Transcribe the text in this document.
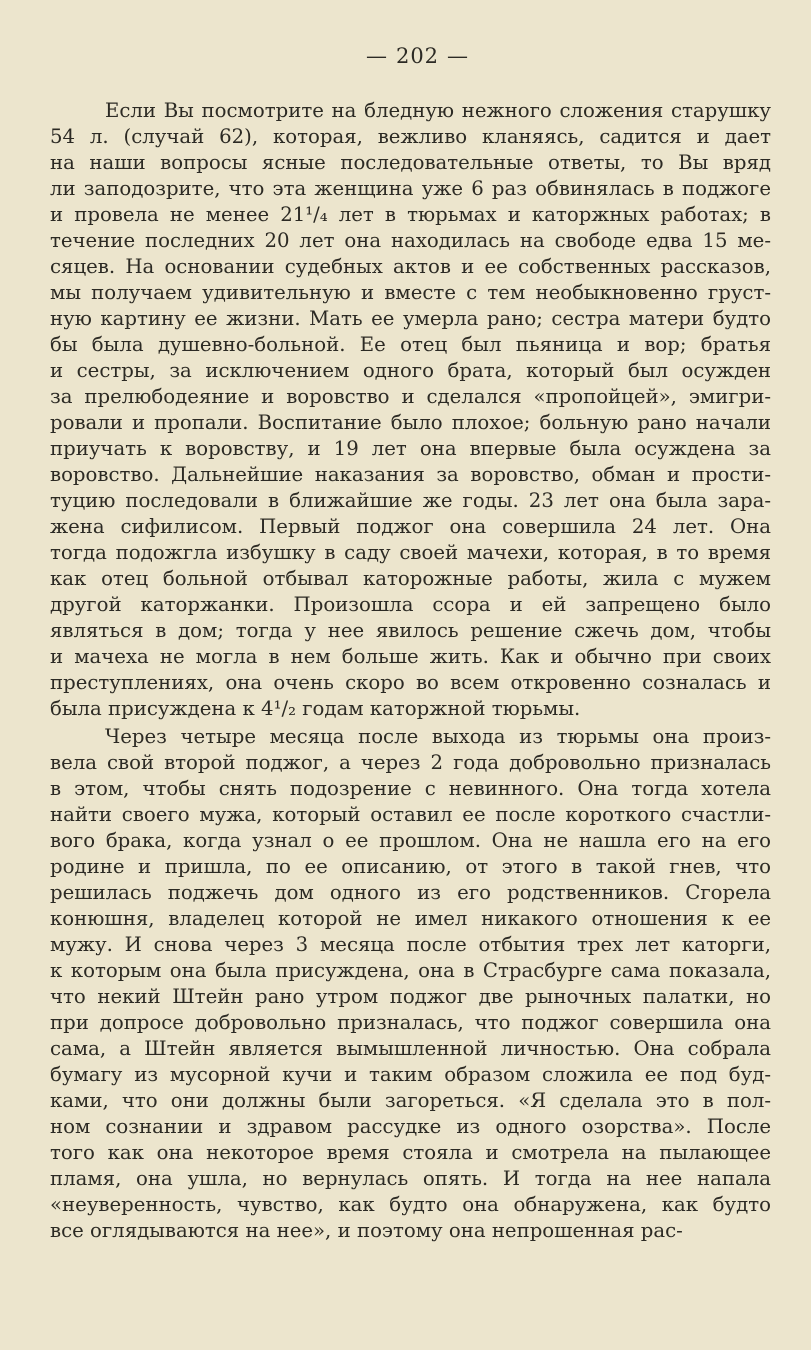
— 202 —

Если Вы посмотрите на бледную нежного сложения старушку
54 л. (случай 62), которая, вежливо кланяясь, садится и дает
на наши вопросы ясные последовательные ответы, то Вы вряд
ли заподозрите, что эта женщина уже 6 раз обвинялась в поджоге
и провела не менее 21¹/₄ лет в тюрьмах и каторжных работах; в
течение последних 20 лет она находилась на свободе едва 15 ме-
сяцев. На основании судебных актов и ее собственных рассказов,
мы получаем удивительную и вместе с тем необыкновенно груст-
ную картину ее жизни. Мать ее умерла рано; сестра матери будто
бы была душевно-больной. Ее отец был пьяница и вор; братья
и сестры, за исключением одного брата, который был осужден
за прелюбодеяние и воровство и сделался «пропойцей», эмигри-
ровали и пропали. Воспитание было плохое; больную рано начали
приучать к воровству, и 19 лет она впервые была осуждена за
воровство. Дальнейшие наказания за воровство, обман и прости-
туцию последовали в ближайшие же годы. 23 лет она была зара-
жена сифилисом. Первый поджог она совершила 24 лет. Она
тогда подожгла избушку в саду своей мачехи, которая, в то время
как отец больной отбывал каторожные работы, жила с мужем
другой каторжанки. Произошла ссора и ей запрещено было
являться в дом; тогда у нее явилось решение сжечь дом, чтобы
и мачеха не могла в нем больше жить. Как и обычно при своих
преступлениях, она очень скоро во всем откровенно созналась и
была присуждена к 4¹/₂ годам каторжной тюрьмы.

Через четыре месяца после выхода из тюрьмы она произ-
вела свой второй поджог, а через 2 года добровольно призналась
в этом, чтобы снять подозрение с невинного. Она тогда хотела
найти своего мужа, который оставил ее после короткого счастли-
вого брака, когда узнал о ее прошлом. Она не нашла его на его
родине и пришла, по ее описанию, от этого в такой гнев, что
решилась поджечь дом одного из его родственников. Сгорела
конюшня, владелец которой не имел никакого отношения к ее
мужу. И снова через 3 месяца после отбытия трех лет каторги,
к которым она была присуждена, она в Страсбурге сама показала,
что некий Штейн рано утром поджог две рыночных палатки, но
при допросе добровольно призналась, что поджог совершила она
сама, а Штейн является вымышленной личностью. Она собрала
бумагу из мусорной кучи и таким образом сложила ее под буд-
ками, что они должны были загореться. «Я сделала это в пол-
ном сознании и здравом рассудке из одного озорства». После
того как она некоторое время стояла и смотрела на пылающее
пламя, она ушла, но вернулась опять. И тогда на нее напала
«неуверенность, чувство, как будто она обнаружена, как будто
все оглядываются на нее», и поэтому она непрошенная рас-
